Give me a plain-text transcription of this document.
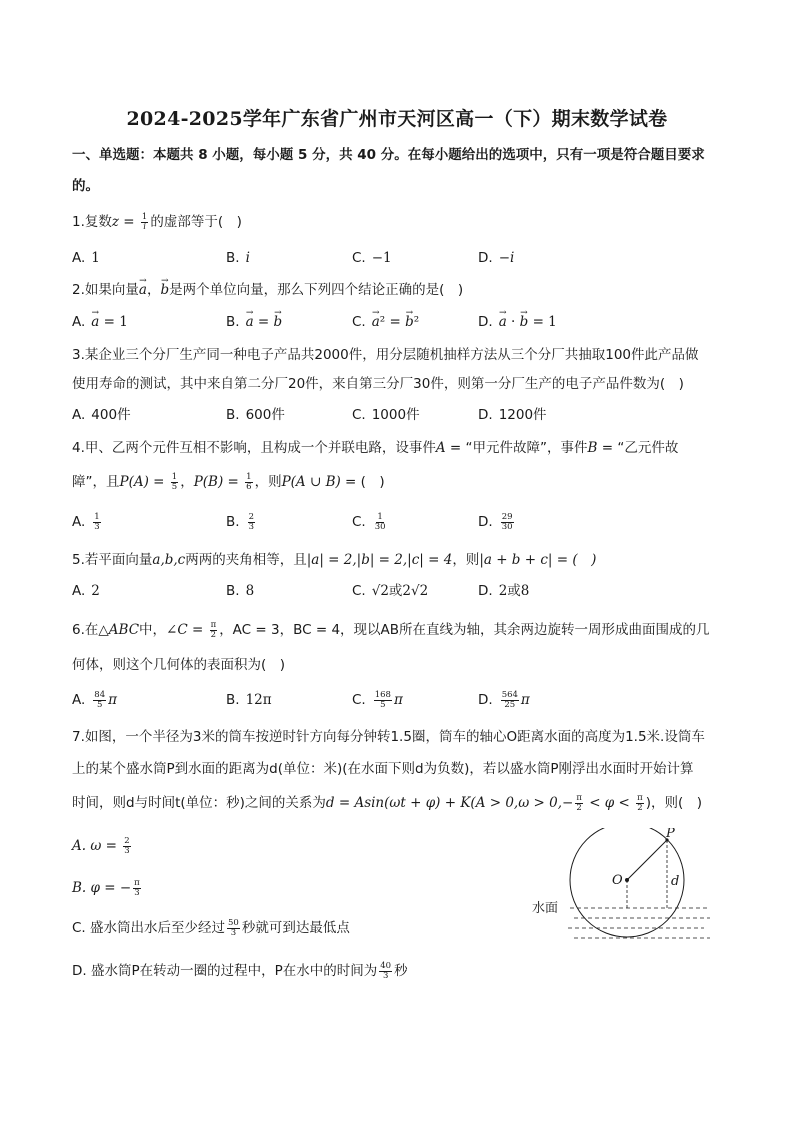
2024-2025学年广东省广州市天河区高一（下）期末数学试卷
一、单选题：本题共 8 小题，每小题 5 分，共 40 分。在每小题给出的选项中，只有一项是符合题目要求
的。
1.复数$z = \frac{1}{i}$ 的虚部等于(　)
A. 1	B. i	C. −1	D. −i
2.如果向量→ a，→ b是两个单位向量，那么下列四个结论正确的是(　)
A. → a = 1	B. → a = → b	C. → a² = → b²	D. → a · → b = 1
3.某企业三个分厂生产同一种电子产品共2000件，用分层随机抽样方法从三个分厂共抽取100件此产品做
使用寿命的测试，其中来自第二分厂20件，来自第三分厂30件，则第一分厂生产的电子产品件数为(　)
A. 400件	B. 600件	C. 1000件	D. 1200件
4.甲、乙两个元件互相不影响，且构成一个并联电路，设事件A = “甲元件故障”，事件B = “乙元件故
障”，且$P(A) = \frac{1}{5}$ ，$P(B) = \frac{1}{6}$ ，则P(A ∪ B) = (　)
A. $\frac{1}{3}$	B. $\frac{2}{3}$	C. $\frac{1}{30}$	D. $\frac{29}{30}$
5.若平面向量a,b,c两两的夹角相等，且|a| = 2,|b| = 2,|c| = 4，则|a + b + c| = (　)
A. 2	B. 8	C. √2或2√2	D. 2或8
6.在△ABC中，∠C = $\frac{\pi}{2}$ ，AC = 3，BC = 4，现以AB所在直线为轴，其余两边旋转一周形成曲面围成的几
何体，则这个几何体的表面积为(　)
A. $\frac{84}{5}$ π	B. 12π	C. $\frac{168}{5}$ π	D. $\frac{564}{25}$ π
7.如图，一个半径为3米的筒车按逆时针方向每分钟转1.5圈，筒车的轴心O距离水面的高度为1.5米.设筒车
上的某个盛水筒P到水面的距离为d(单位：米)(在水面下则d为负数)，若以盛水筒P刚浮出水面时开始计算
时间，则d与时间t(单位：秒)之间的关系为$d = Asin(\omega t + \varphi) + K(A > 0,\omega > 0,- \frac{\pi}{2} < \varphi < \frac{\pi}{2}$ )，则(　)
A. $\omega = \frac{2}{3}$
B. φ = − $\frac{\pi}{3}$
C. 盛水筒出水后至少经过 $\frac{50}{3}$ 秒就可到达最低点
D. 盛水筒P在转动一圈的过程中，P在水中的时间为 $\frac{40}{3}$ 秒
P
O	d
水面
